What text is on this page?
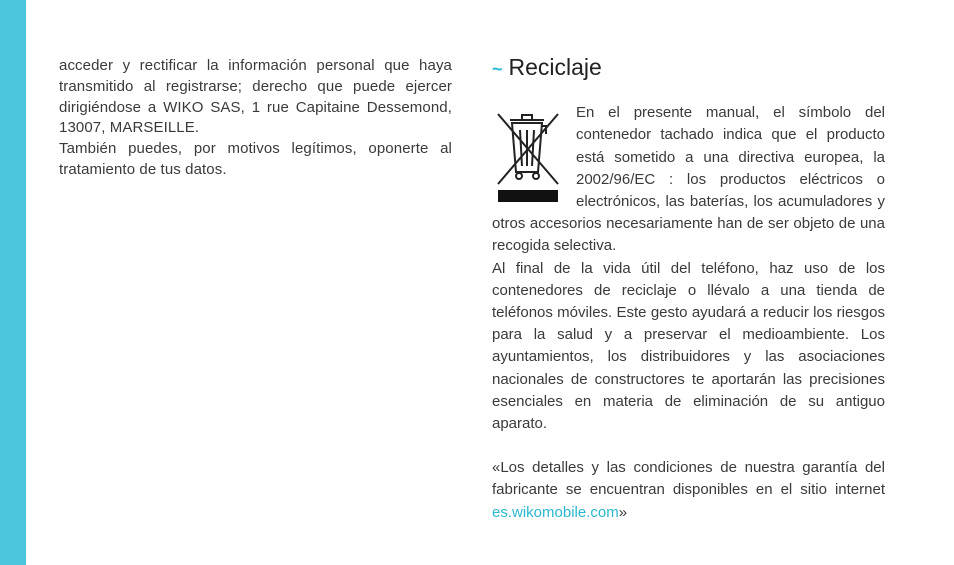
acceder y rectificar la información personal que haya transmitido al registrarse; derecho que puede ejercer dirigiéndose a WIKO SAS, 1 rue Capitaine Dessemond, 13007, MARSEILLE.

También puedes, por motivos legítimos, oponerte al tratamiento de tus datos.

~ Reciclaje

En el presente manual, el símbolo del contenedor tachado indica que el producto está sometido a una directiva europea, la 2002/96/EC : los productos eléctricos o electrónicos, las baterías, los acumuladores y otros accesorios necesariamente han de ser objeto de una recogida selectiva.

Al final de la vida útil del teléfono, haz uso de los contenedores de reciclaje o llévalo a una tienda de teléfonos móviles. Este gesto ayudará a reducir los riesgos para la salud y a preservar el medioambiente. Los ayuntamientos, los distribuidores y las asociaciones nacionales de constructores te aportarán las precisiones esenciales en materia de eliminación de su antiguo aparato.

«Los detalles y las condiciones de nuestra garantía del fabricante se encuentran disponibles en el sitio internet es.wikomobile.com»
